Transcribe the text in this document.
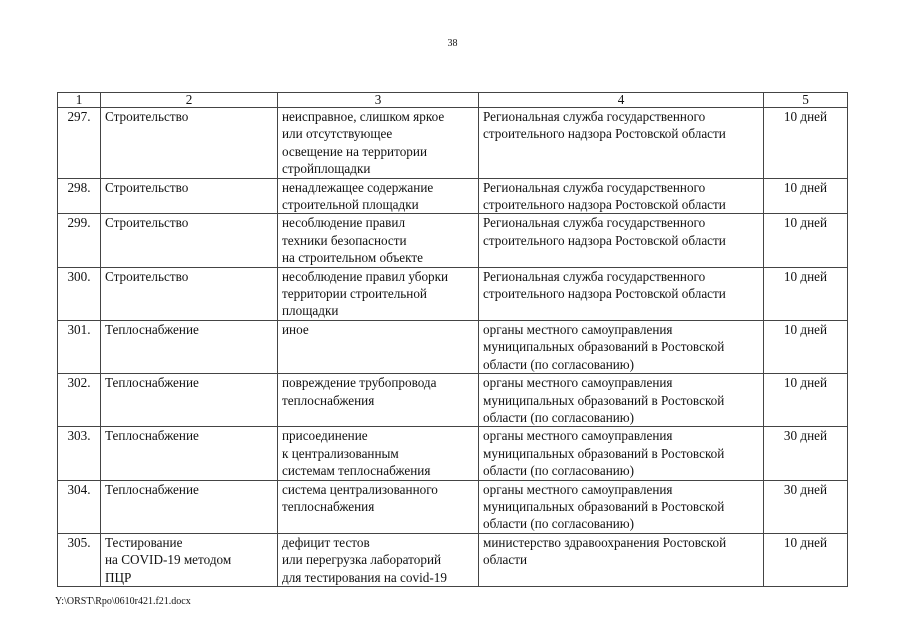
38
1	2	3	4	5
297.	Строительство	неисправное, слишком яркое
или отсутствующее
освещение на территории
стройплощадки	Региональная служба государственного
строительного надзора Ростовской области	10 дней
298.	Строительство	ненадлежащее содержание
строительной площадки	Региональная служба государственного
строительного надзора Ростовской области	10 дней
299.	Строительство	несоблюдение правил
техники безопасности
на строительном объекте	Региональная служба государственного
строительного надзора Ростовской области	10 дней
300.	Строительство	несоблюдение правил уборки
территории строительной
площадки	Региональная служба государственного
строительного надзора Ростовской области	10 дней
301.	Теплоснабжение	иное	органы местного самоуправления
муниципальных образований в Ростовской
области (по согласованию)	10 дней
302.	Теплоснабжение	повреждение трубопровода
теплоснабжения	органы местного самоуправления
муниципальных образований в Ростовской
области (по согласованию)	10 дней
303.	Теплоснабжение	присоединение
к централизованным
системам теплоснабжения	органы местного самоуправления
муниципальных образований в Ростовской
области (по согласованию)	30 дней
304.	Теплоснабжение	система централизованного
теплоснабжения	органы местного самоуправления
муниципальных образований в Ростовской
области (по согласованию)	30 дней
305.	Тестирование
на COVID-19 методом
ПЦР	дефицит тестов
или перегрузка лабораторий
для тестирования на covid-19	министерство здравоохранения Ростовской
области	10 дней
Y:\ORST\Rpo\0610r421.f21.docx
